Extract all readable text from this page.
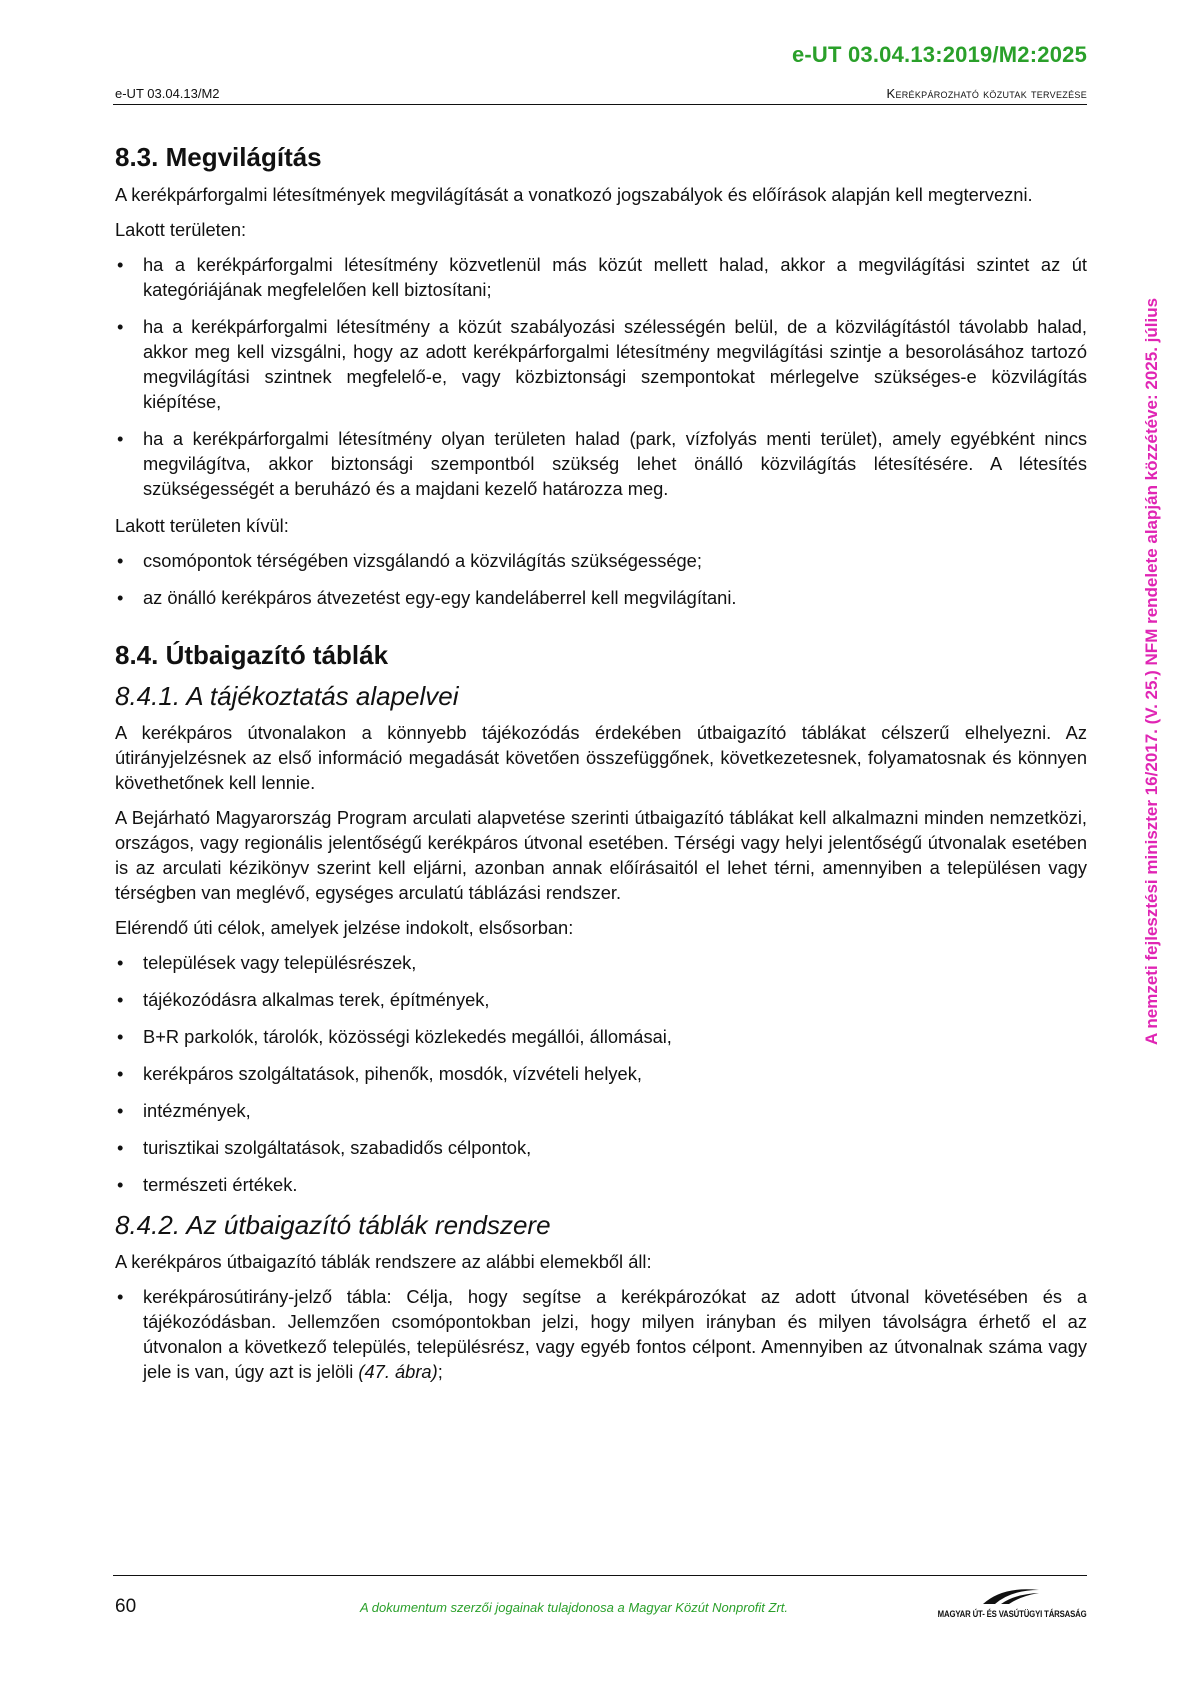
e-UT 03.04.13:2019/M2:2025
e-UT 03.04.13/M2	Kerékpározható közutak tervezése
A nemzeti fejlesztési miniszter 16/2017. (V. 25.) NFM rendelete alapján közzétéve: 2025. július
8.3. Megvilágítás

A kerékpárforgalmi létesítmények megvilágítását a vonatkozó jogszabályok és előírások alapján kell megtervezni.

Lakott területen:

• ha a kerékpárforgalmi létesítmény közvetlenül más közút mellett halad, akkor a megvilágítási szintet az út kategóriájának megfelelően kell biztosítani;
• ha a kerékpárforgalmi létesítmény a közút szabályozási szélességén belül, de a közvilágítástól távolabb halad, akkor meg kell vizsgálni, hogy az adott kerékpárforgalmi létesítmény megvilágítási szintje a besorolásához tartozó megvilágítási szintnek megfelelő-e, vagy közbiztonsági szempontokat mérlegelve szükséges-e közvilágítás kiépítése,
• ha a kerékpárforgalmi létesítmény olyan területen halad (park, vízfolyás menti terület), amely egyébként nincs megvilágítva, akkor biztonsági szempontból szükség lehet önálló közvilágítás létesítésére. A létesítés szükségességét a beruházó és a majdani kezelő határozza meg.

Lakott területen kívül:

• csomópontok térségében vizsgálandó a közvilágítás szükségessége;
• az önálló kerékpáros átvezetést egy-egy kandeláberrel kell megvilágítani.
8.4. Útbaigazító táblák
8.4.1. A tájékoztatás alapelvei

A kerékpáros útvonalakon a könnyebb tájékozódás érdekében útbaigazító táblákat célszerű elhelyezni. Az útirányjelzésnek az első információ megadását követően összefüggőnek, következetesnek, folyamatosnak és könnyen követhetőnek kell lennie.

A Bejárható Magyarország Program arculati alapvetése szerinti útbaigazító táblákat kell alkalmazni minden nemzetközi, országos, vagy regionális jelentőségű kerékpáros útvonal esetében. Térségi vagy helyi jelentőségű útvonalak esetében is az arculati kézikönyv szerint kell eljárni, azonban annak előírásaitól el lehet térni, amennyiben a településen vagy térségben van meglévő, egységes arculatú táblázási rendszer.

Elérendő úti célok, amelyek jelzése indokolt, elsősorban:

• települések vagy településrészek,
• tájékozódásra alkalmas terek, építmények,
• B+R parkolók, tárolók, közösségi közlekedés megállói, állomásai,
• kerékpáros szolgáltatások, pihenők, mosdók, vízvételi helyek,
• intézmények,
• turisztikai szolgáltatások, szabadidős célpontok,
• természeti értékek.
8.4.2. Az útbaigazító táblák rendszere

A kerékpáros útbaigazító táblák rendszere az alábbi elemekből áll:

• kerékpárosútirány-jelző tábla: Célja, hogy segítse a kerékpározókat az adott útvonal követésében és a tájékozódásban. Jellemzően csomópontokban jelzi, hogy milyen irányban és milyen távolságra érhető el az útvonalon a következő település, településrész, vagy egyéb fontos célpont. Amennyiben az útvonalnak száma vagy jele is van, úgy azt is jelöli (47. ábra);
60	A dokumentum szerzői jogainak tulajdonosa a Magyar Közút Nonprofit Zrt.	MAGYAR ÚT- ÉS VASÚTÜGYI TÁRSASÁG
